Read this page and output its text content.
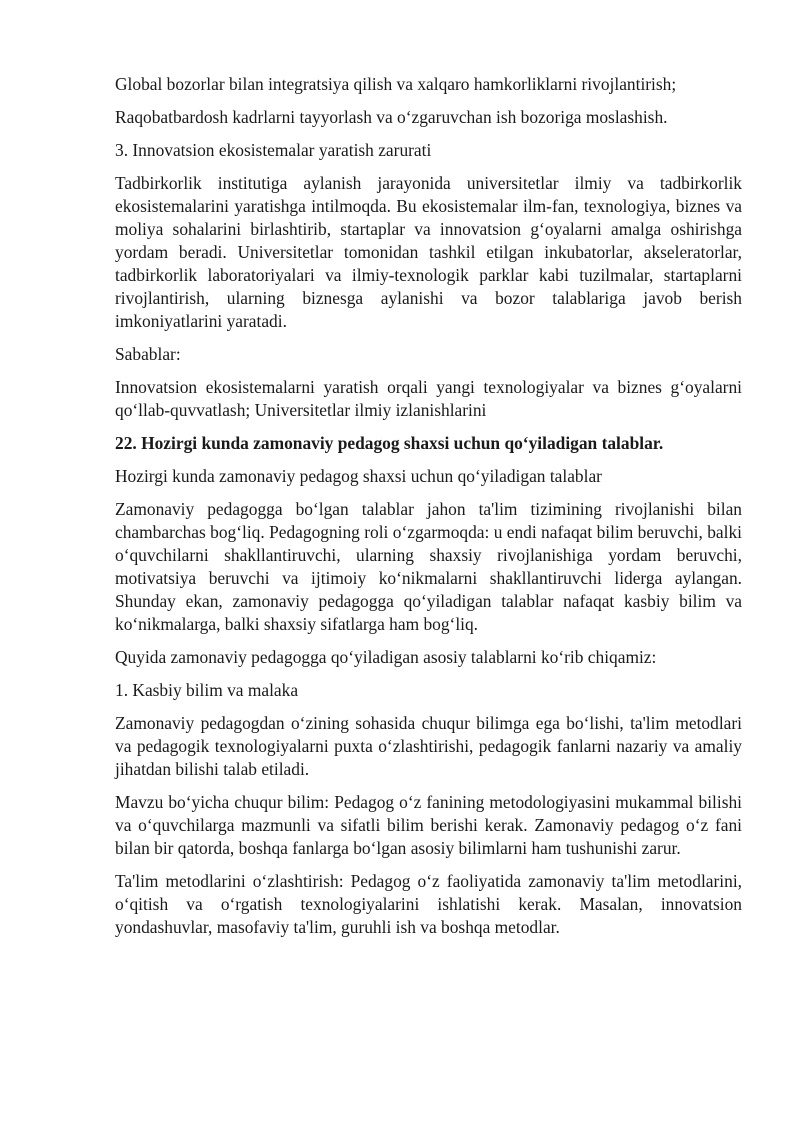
Global bozorlar bilan integratsiya qilish va xalqaro hamkorliklarni rivojlantirish;

Raqobatbardosh kadrlarni tayyorlash va o‘zgaruvchan ish bozoriga moslashish.

3. Innovatsion ekosistemalar yaratish zarurati

Tadbirkorlik institutiga aylanish jarayonida universitetlar ilmiy va tadbirkorlik ekosistemalarini yaratishga intilmoqda. Bu ekosistemalar ilm-fan, texnologiya, biznes va moliya sohalarini birlashtirib, startaplar va innovatsion g‘oyalarni amalga oshirishga yordam beradi. Universitetlar tomonidan tashkil etilgan inkubatorlar, akseleratorlar, tadbirkorlik laboratoriyalari va ilmiy-texnologik parklar kabi tuzilmalar, startaplarni rivojlantirish, ularning biznesga aylanishi va bozor talablariga javob berish imkoniyatlarini yaratadi.

Sabablar:

Innovatsion ekosistemalarni yaratish orqali yangi texnologiyalar va biznes g‘oyalarni qo‘llab-quvvatlash; Universitetlar ilmiy izlanishlarini

22. Hozirgi kunda zamonaviy pedagog shaxsi uchun qo‘yiladigan talablar.

Hozirgi kunda zamonaviy pedagog shaxsi uchun qo‘yiladigan talablar

Zamonaviy pedagogga bo‘lgan talablar jahon ta'lim tizimining rivojlanishi bilan chambarchas bog‘liq. Pedagogning roli o‘zgarmoqda: u endi nafaqat bilim beruvchi, balki o‘quvchilarni shakllantiruvchi, ularning shaxsiy rivojlanishiga yordam beruvchi, motivatsiya beruvchi va ijtimoiy ko‘nikmalarni shakllantiruvchi liderga aylangan. Shunday ekan, zamonaviy pedagogga qo‘yiladigan talablar nafaqat kasbiy bilim va ko‘nikmalarga, balki shaxsiy sifatlarga ham bog‘liq.

Quyida zamonaviy pedagogga qo‘yiladigan asosiy talablarni ko‘rib chiqamiz:

1. Kasbiy bilim va malaka

Zamonaviy pedagogdan o‘zining sohasida chuqur bilimga ega bo‘lishi, ta'lim metodlari va pedagogik texnologiyalarni puxta o‘zlashtirishi, pedagogik fanlarni nazariy va amaliy jihatdan bilishi talab etiladi.

Mavzu bo‘yicha chuqur bilim: Pedagog o‘z fanining metodologiyasini mukammal bilishi va o‘quvchilarga mazmunli va sifatli bilim berishi kerak. Zamonaviy pedagog o‘z fani bilan bir qatorda, boshqa fanlarga bo‘lgan asosiy bilimlarni ham tushunishi zarur.

Ta'lim metodlarini o‘zlashtirish: Pedagog o‘z faoliyatida zamonaviy ta'lim metodlarini, o‘qitish va o‘rgatish texnologiyalarini ishlatishi kerak. Masalan, innovatsion yondashuvlar, masofaviy ta'lim, guruhli ish va boshqa metodlar.
